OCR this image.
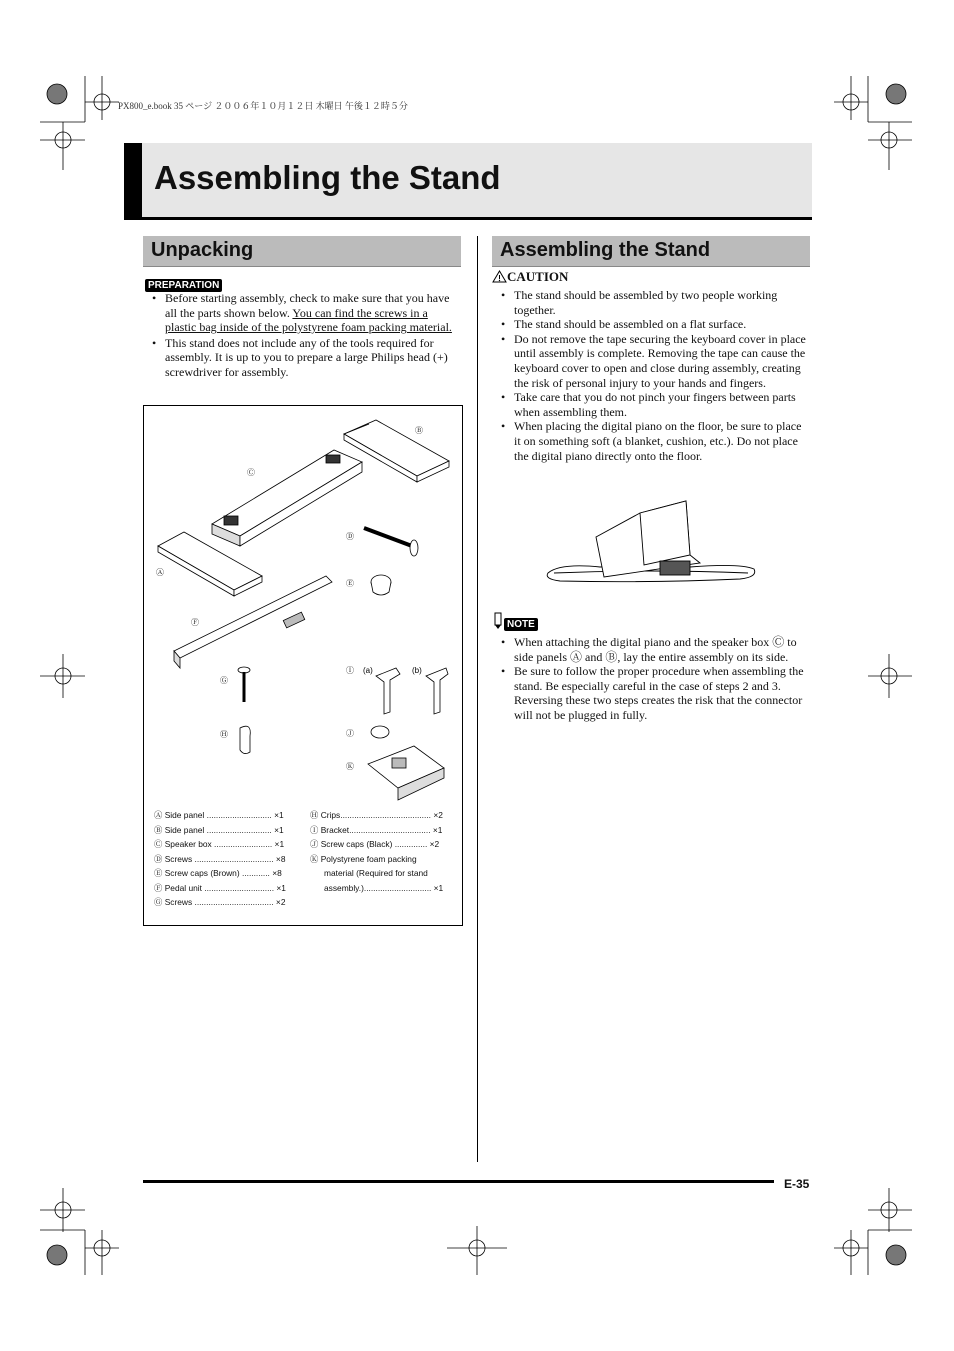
PX800_e.book 35 ページ ２００６年１０月１２日 木曜日 午後１２時５分
Assembling the Stand
Unpacking
PREPARATION
• Before starting assembly, check to make sure that you have all the parts shown below. You can find the screws in a plastic bag inside of the polystyrene foam packing material.
• This stand does not include any of the tools required for assembly. It is up to you to prepare a large Philips head (+) screwdriver for assembly.
Ⓑ
Ⓒ
Ⓓ
Ⓐ
Ⓔ
Ⓕ
Ⓖ
Ⓘ (a)	(b)
Ⓗ	Ⓙ
Ⓚ
Ⓐ Side panel ............................ ×1
Ⓑ Side panel ............................ ×1
Ⓒ Speaker box ......................... ×1
Ⓓ Screws .................................. ×8
Ⓔ Screw caps (Brown) ............ ×8
Ⓕ Pedal unit .............................. ×1
Ⓖ Screws .................................. ×2
Ⓗ Crips....................................... ×2
Ⓘ Bracket................................... ×1
Ⓙ Screw caps (Black) .............. ×2
Ⓚ Polystyrene foam packing
material (Required for stand
assembly.)............................. ×1
Assembling the Stand
CAUTION
• The stand should be assembled by two people working together.
• The stand should be assembled on a flat surface.
• Do not remove the tape securing the keyboard cover in place until assembly is complete. Removing the tape can cause the keyboard cover to open and close during assembly, creating the risk of personal injury to your hands and fingers.
• Take care that you do not pinch your fingers between parts when assembling them.
• When placing the digital piano on the floor, be sure to place it on something soft (a blanket, cushion, etc.). Do not place the digital piano directly onto the floor.
NOTE
• When attaching the digital piano and the speaker box Ⓒ to side panels Ⓐ and Ⓑ, lay the entire assembly on its side.
• Be sure to follow the proper procedure when assembling the stand. Be especially careful in the case of steps 2 and 3. Reversing these two steps creates the risk that the connector will not be plugged in fully.
E-35
